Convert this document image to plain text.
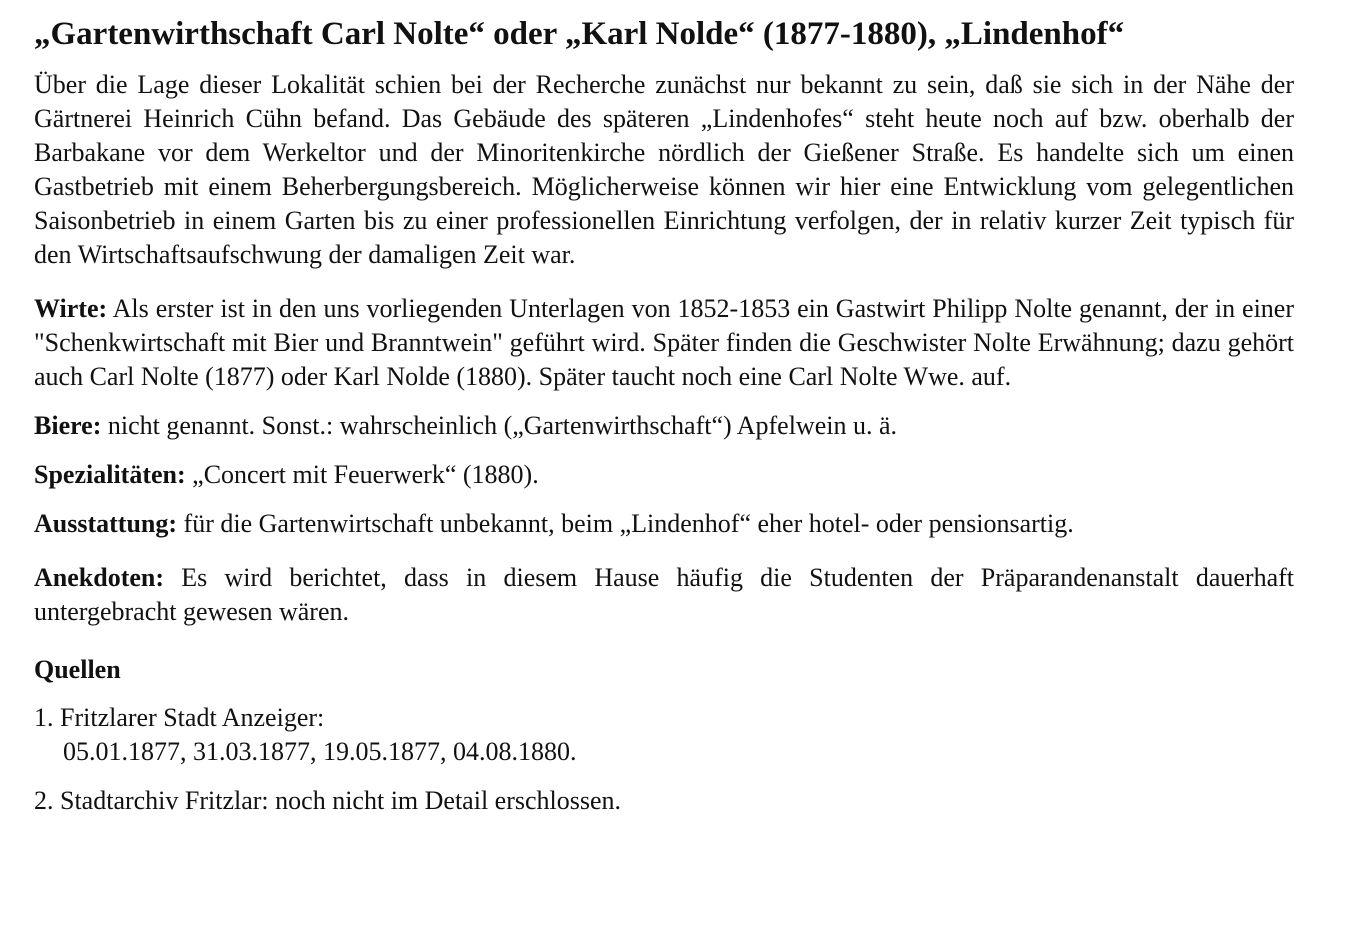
„Gartenwirthschaft Carl Nolte“ oder „Karl Nolde“ (1877-1880), „Lindenhof“

Über die Lage dieser Lokalität schien bei der Recherche zunächst nur bekannt zu sein, daß sie sich in der Nähe der Gärtnerei Heinrich Cühn befand. Das Gebäude des späteren „Lindenhofes“ steht heute noch auf bzw. oberhalb der Barbakane vor dem Werkeltor und der Minoritenkirche nördlich der Gießener Straße. Es handelte sich um einen Gastbetrieb mit einem Beherbergungsbereich. Möglicherweise können wir hier eine Entwicklung vom gelegentlichen Saisonbetrieb in einem Garten bis zu einer professionellen Einrichtung verfolgen, der in relativ kurzer Zeit typisch für den Wirtschaftsaufschwung der damaligen Zeit war.

Wirte: Als erster ist in den uns vorliegenden Unterlagen von 1852-1853 ein Gastwirt Philipp Nolte genannt, der in einer "Schenkwirtschaft mit Bier und Branntwein" geführt wird. Später finden die Geschwister Nolte Erwähnung; dazu gehört auch Carl Nolte (1877) oder Karl Nolde (1880). Später taucht noch eine Carl Nolte Wwe. auf.

Biere: nicht genannt. Sonst.: wahrscheinlich („Gartenwirthschaft“) Apfelwein u. ä.

Spezialitäten: „Concert mit Feuerwerk“ (1880).

Ausstattung: für die Gartenwirtschaft unbekannt, beim „Lindenhof“ eher hotel- oder pensionsartig.

Anekdoten: Es wird berichtet, dass in diesem Hause häufig die Studenten der Präparandenanstalt dauerhaft untergebracht gewesen wären.

Quellen
1. Fritzlarer Stadt Anzeiger:
05.01.1877, 31.03.1877, 19.05.1877, 04.08.1880.
2. Stadtarchiv Fritzlar: noch nicht im Detail erschlossen.
